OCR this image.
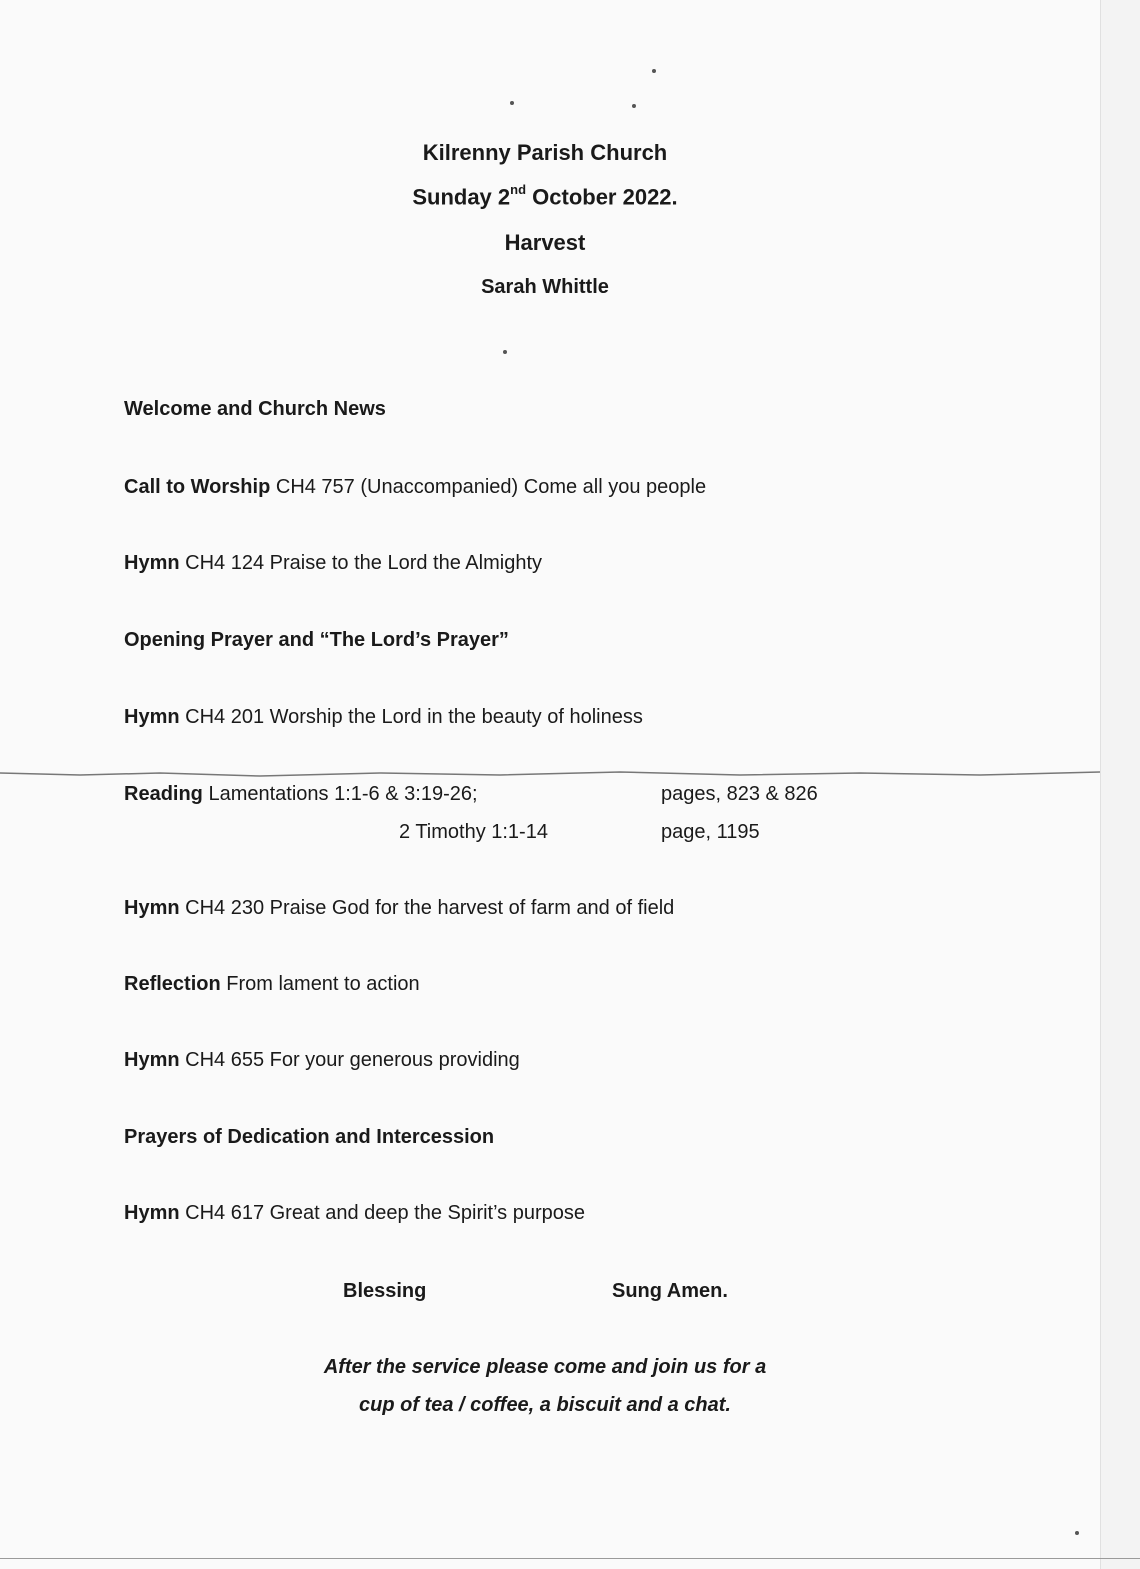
Kilrenny Parish Church
Sunday 2nd October 2022.
Harvest
Sarah Whittle
Welcome and Church News
Call to Worship CH4 757 (Unaccompanied) Come all you people
Hymn CH4 124 Praise to the Lord the Almighty
Opening Prayer and “The Lord’s Prayer”
Hymn CH4 201 Worship the Lord in the beauty of holiness
Reading Lamentations 1:1-6 & 3:19-26;	pages, 823 & 826
2 Timothy 1:1-14	page, 1195
Hymn CH4 230 Praise God for the harvest of farm and of field
Reflection From lament to action
Hymn CH4 655 For your generous providing
Prayers of Dedication and Intercession
Hymn CH4 617 Great and deep the Spirit’s purpose
Blessing	Sung Amen.
After the service please come and join us for a
cup of tea / coffee, a biscuit and a chat.
